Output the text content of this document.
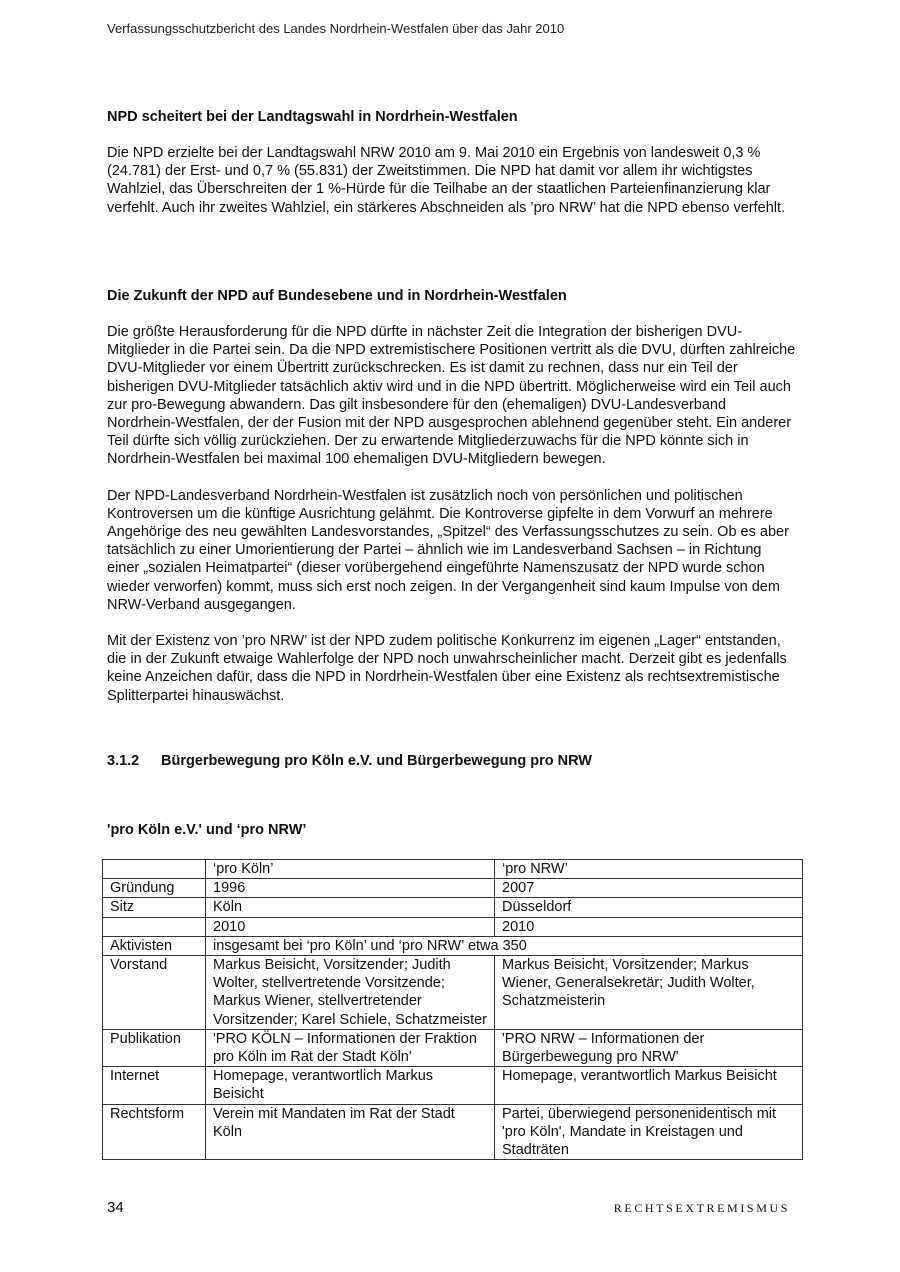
Verfassungsschutzbericht des Landes Nordrhein-Westfalen über das Jahr 2010

NPD scheitert bei der Landtagswahl in Nordrhein-Westfalen

Die NPD erzielte bei der Landtagswahl NRW 2010 am 9. Mai 2010 ein Ergebnis von landesweit 0,3 % (24.781) der Erst- und 0,7 % (55.831) der Zweitstimmen. Die NPD hat damit vor allem ihr wichtigstes Wahlziel, das Überschreiten der 1 %-Hürde für die Teilhabe an der staatlichen Parteienfinanzierung klar verfehlt. Auch ihr zweites Wahlziel, ein stärkeres Abschneiden als ’pro NRW’ hat die NPD ebenso verfehlt.

Die Zukunft der NPD auf Bundesebene und in Nordrhein-Westfalen

Die größte Herausforderung für die NPD dürfte in nächster Zeit die Integration der bisherigen DVU-Mitglieder in die Partei sein. Da die NPD extremistischere Positionen vertritt als die DVU, dürften zahlreiche DVU-Mitglieder vor einem Übertritt zurückschrecken. Es ist damit zu rechnen, dass nur ein Teil der bisherigen DVU-Mitglieder tatsächlich aktiv wird und in die NPD übertritt. Möglicherweise wird ein Teil auch zur pro-Bewegung abwandern. Das gilt insbesondere für den (ehemaligen) DVU-Landesverband Nordrhein-Westfalen, der der Fusion mit der NPD ausgesprochen ablehnend gegenüber steht. Ein anderer Teil dürfte sich völlig zurückziehen. Der zu erwartende Mitgliederzuwachs für die NPD könnte sich in Nordrhein-Westfalen bei maximal 100 ehemaligen DVU-Mitgliedern bewegen.

Der NPD-Landesverband Nordrhein-Westfalen ist zusätzlich noch von persönlichen und politischen Kontroversen um die künftige Ausrichtung gelähmt. Die Kontroverse gipfelte in dem Vorwurf an mehrere Angehörige des neu gewählten Landesvorstandes, „Spitzel“ des Verfassungsschutzes zu sein. Ob es aber tatsächlich zu einer Umorientierung der Partei – ähnlich wie im Landesverband Sachsen – in Richtung einer „sozialen Heimatpartei“ (dieser vorübergehend eingeführte Namenszusatz der NPD wurde schon wieder verworfen) kommt, muss sich erst noch zeigen. In der Vergangenheit sind kaum Impulse von dem NRW-Verband ausgegangen.

Mit der Existenz von ’pro NRW’ ist der NPD zudem politische Konkurrenz im eigenen „Lager“ entstanden, die in der Zukunft etwaige Wahlerfolge der NPD noch unwahrscheinlicher macht. Derzeit gibt es jedenfalls keine Anzeichen dafür, dass die NPD in Nordrhein-Westfalen über eine Existenz als rechtsextremistische Splitterpartei hinauswächst.

3.1.2 Bürgerbewegung pro Köln e.V. und Bürgerbewegung pro NRW
'pro Köln e.V.' und ‘pro NRW’
	‘pro Köln’	‘pro NRW’
Gründung	1996	2007
Sitz	Köln	Düsseldorf
	2010	2010
Aktivisten	insgesamt bei ‘pro Köln’ und ‘pro NRW’ etwa 350	
Vorstand	Markus Beisicht, Vorsitzender; Judith Wolter, stellvertretende Vorsitzende; Markus Wiener, stellvertretender Vorsitzender; Karel Schiele, Schatzmeister	Markus Beisicht, Vorsitzender; Markus Wiener, Generalsekretär; Judith Wolter, Schatzmeisterin
Publikation	'PRO KÖLN – Informationen der Fraktion pro Köln im Rat der Stadt Köln'	'PRO NRW – Informationen der Bürgerbewegung pro NRW'
Internet	Homepage, verantwortlich Markus Beisicht	Homepage, verantwortlich Markus Beisicht
Rechtsform	Verein mit Mandaten im Rat der Stadt Köln	Partei, überwiegend personenidentisch mit 'pro Köln', Mandate in Kreistagen und Stadträten
34	RECHTSEXTREMISMUS
